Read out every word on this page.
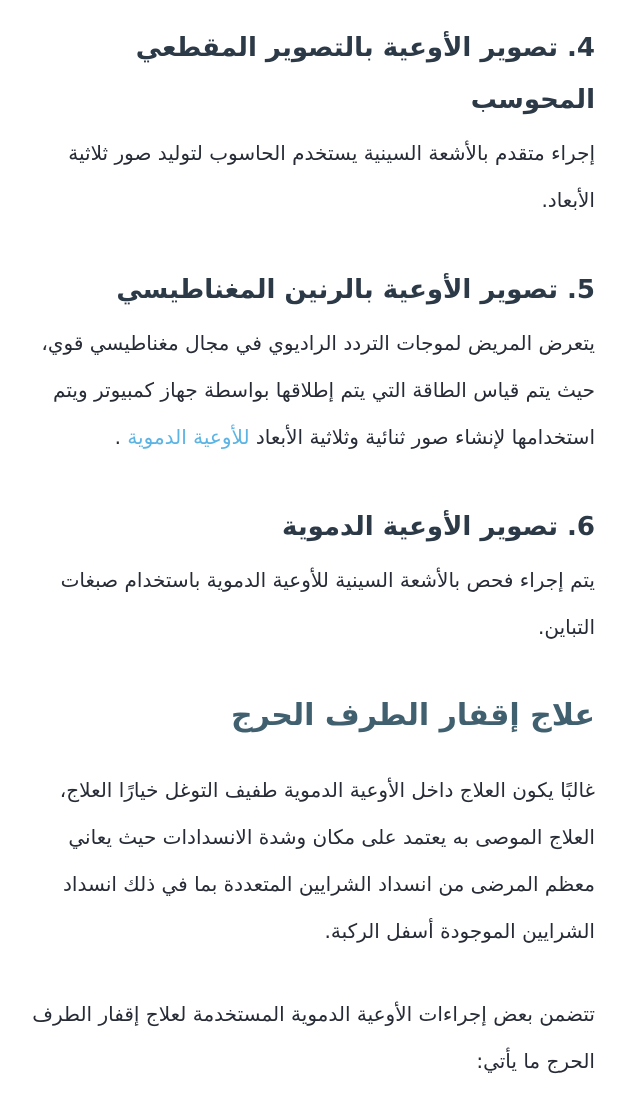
4. تصوير الأوعية بالتصوير المقطعي المحوسب

إجراء متقدم بالأشعة السينية يستخدم الحاسوب لتوليد صور ثلاثية الأبعاد.

5. تصوير الأوعية بالرنين المغناطيسي

يتعرض المريض لموجات التردد الراديوي في مجال مغناطيسي قوي، حيث يتم قياس الطاقة التي يتم إطلاقها بواسطة جهاز كمبيوتر ويتم استخدامها لإنشاء صور ثنائية وثلاثية الأبعاد للأوعية الدموية .

6. تصوير الأوعية الدموية

يتم إجراء فحص بالأشعة السينية للأوعية الدموية باستخدام صبغات التباين.

علاج إقفار الطرف الحرج

غالبًا يكون العلاج داخل الأوعية الدموية طفيف التوغل خيارًا العلاج، العلاج الموصى به يعتمد على مكان وشدة الانسدادات حيث يعاني معظم المرضى من انسداد الشرايين المتعددة بما في ذلك انسداد الشرايين الموجودة أسفل الركبة.

تتضمن بعض إجراءات الأوعية الدموية المستخدمة لعلاج إقفار الطرف الحرج ما يأتي:
